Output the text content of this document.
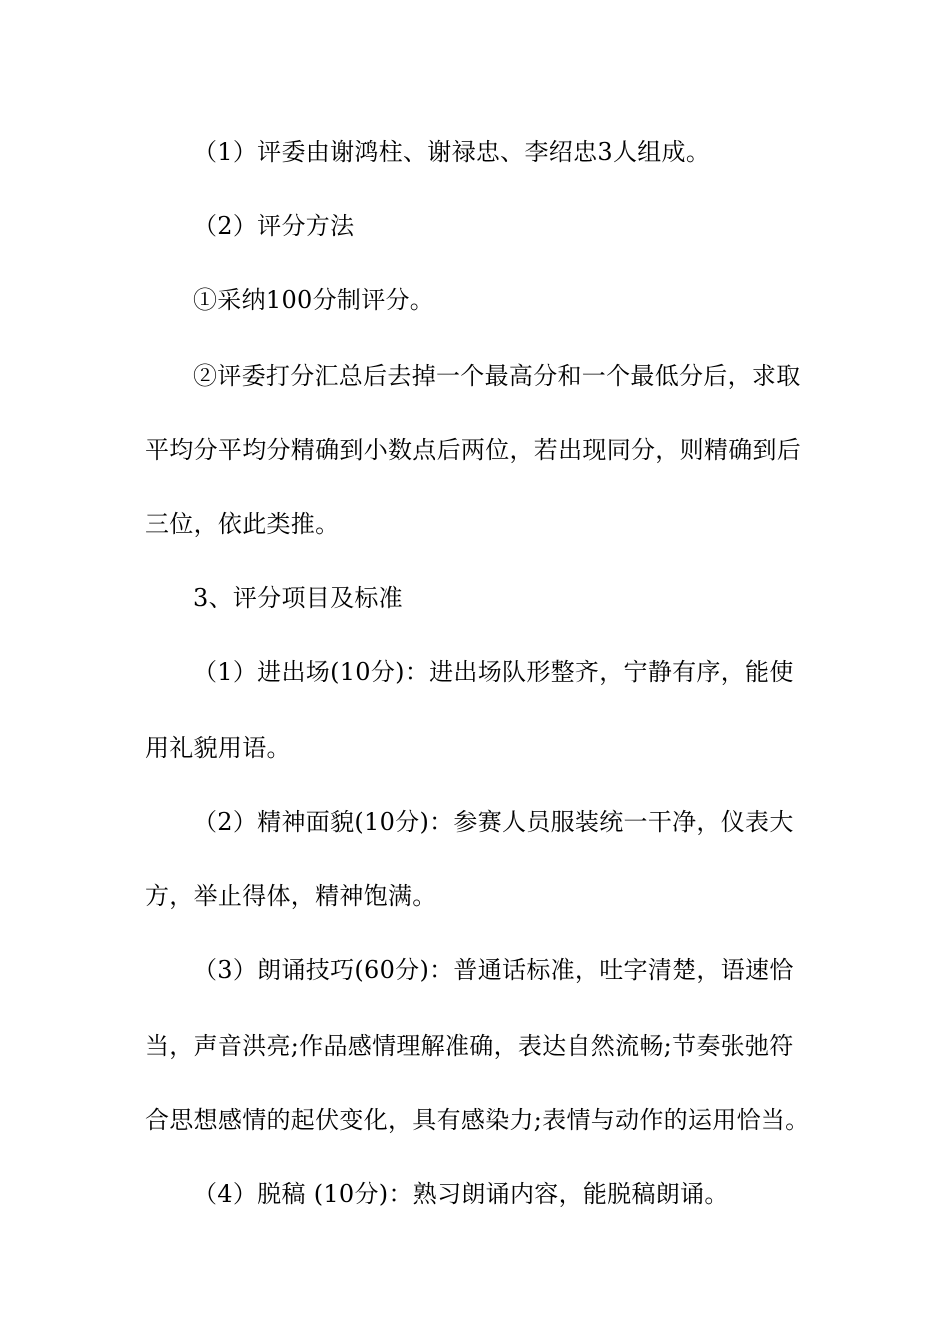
（1）评委由谢鸿柱、谢禄忠、李绍忠3人组成。
（2）评分方法
①采纳100分制评分。
②评委打分汇总后去掉一个最高分和一个最低分后，求取
平均分平均分精确到小数点后两位，若出现同分，则精确到后
三位，依此类推。
3、评分项目及标准
（1）进出场(10分)：进出场队形整齐，宁静有序，能使
用礼貌用语。
（2）精神面貌(10分)：参赛人员服装统一干净，仪表大
方，举止得体，精神饱满。
（3）朗诵技巧(60分)：普通话标准，吐字清楚，语速恰
当，声音洪亮;作品感情理解准确，表达自然流畅;节奏张弛符
合思想感情的起伏变化，具有感染力;表情与动作的运用恰当。
（4）脱稿 (10分)：熟习朗诵内容，能脱稿朗诵。
